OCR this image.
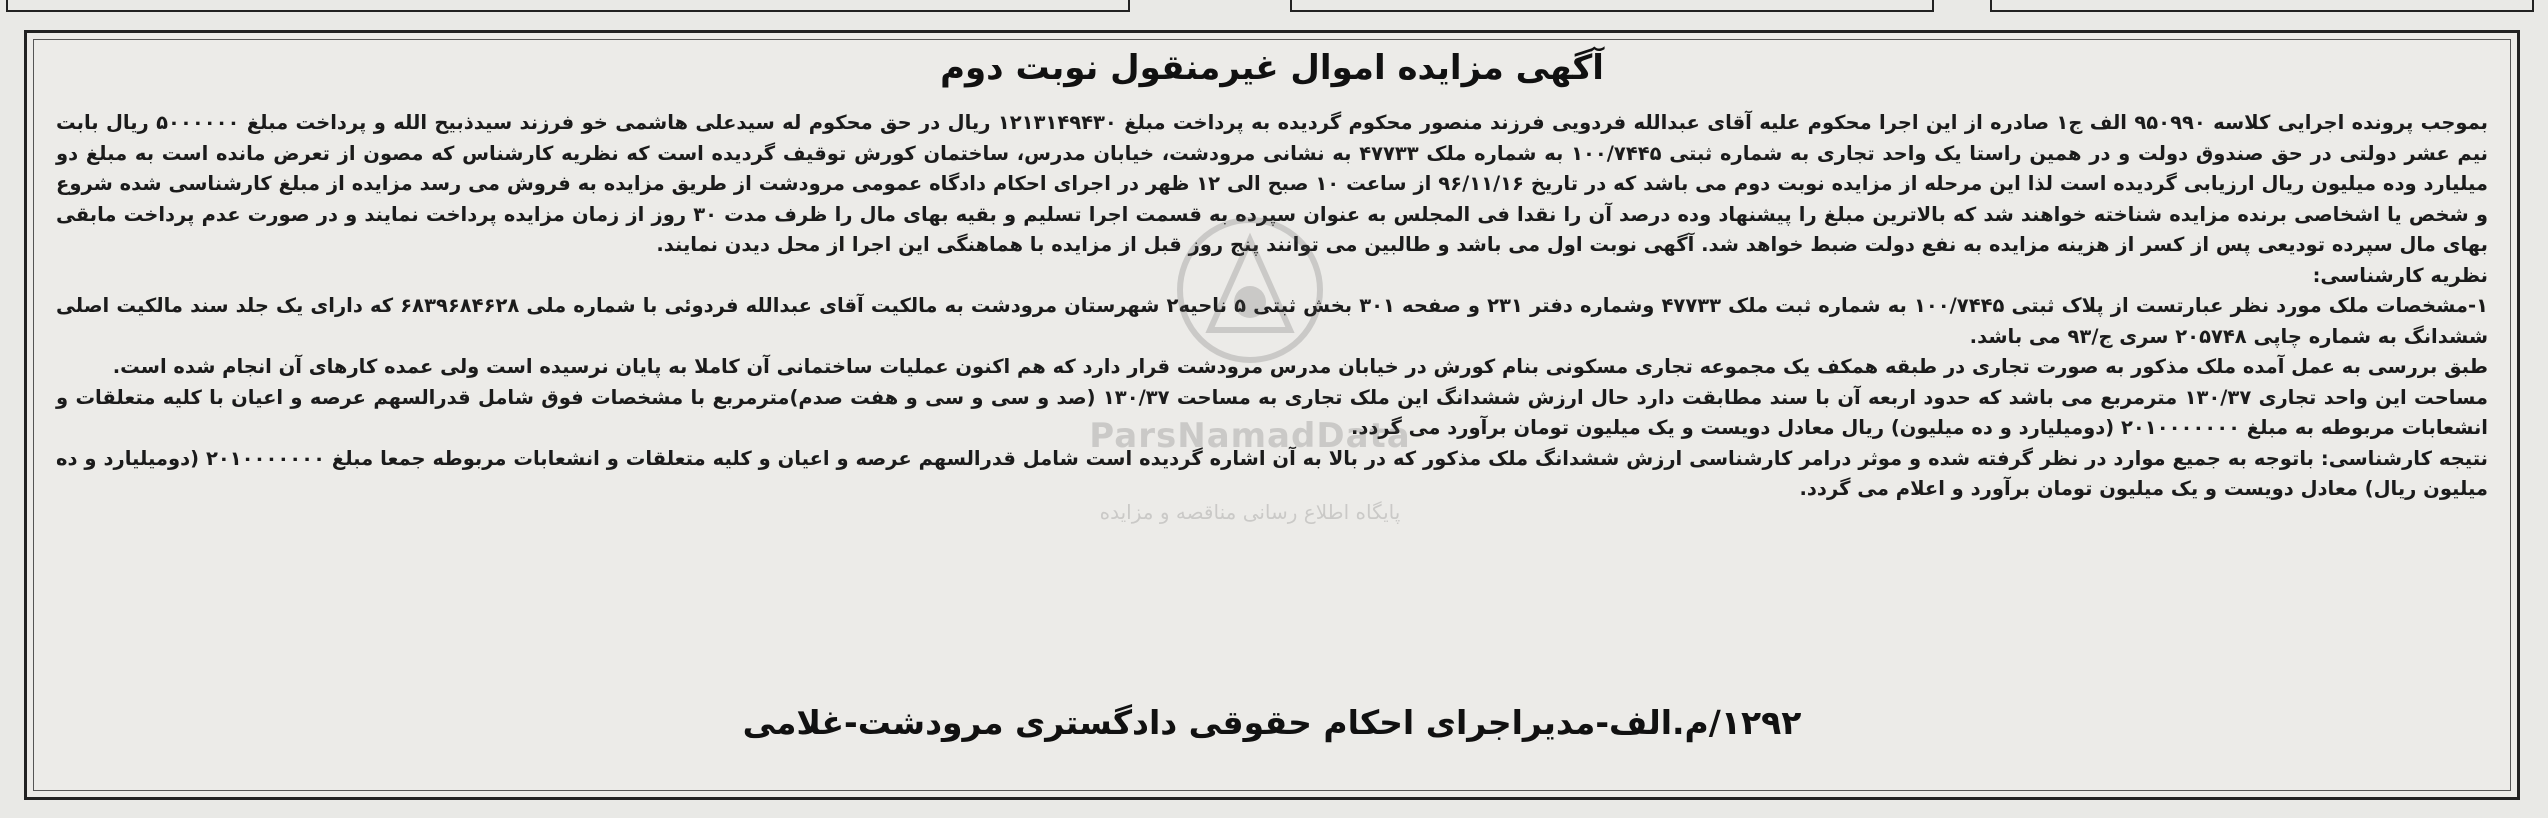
آگهی مزایده اموال غیرمنقول نوبت دوم

بموجب پرونده اجرایی کلاسه ۹۵۰۹۹۰ الف ج۱ صادره از این اجرا محکوم علیه آقای عبدالله فردویی فرزند منصور محکوم گردیده به پرداخت مبلغ ۱۲۱۳۱۴۹۴۳۰ ریال در حق محکوم له سیدعلی هاشمی خو فرزند سیدذبیح الله و پرداخت مبلغ ۵۰۰۰۰۰۰ ریال بابت نیم عشر دولتی در حق صندوق دولت و در همین راستا یک واحد تجاری به شماره ثبتی ۱۰۰/۷۴۴۵ به شماره ملک ۴۷۷۳۳ به نشانی مرودشت، خیابان مدرس، ساختمان کورش توقیف گردیده است که نظریه کارشناس که مصون از تعرض مانده است به مبلغ دو میلیارد وده میلیون ریال ارزیابی گردیده است لذا این مرحله از مزایده نوبت دوم می باشد که در تاریخ ۹۶/۱۱/۱۶ از ساعت ۱۰ صبح الی ۱۲ ظهر در اجرای احکام دادگاه عمومی مرودشت از طریق مزایده به فروش می رسد مزایده از مبلغ کارشناسی شده شروع و شخص یا اشخاصی برنده مزایده شناخته خواهند شد که بالاترین مبلغ را پیشنهاد وده درصد آن را نقدا فی المجلس به عنوان سپرده به قسمت اجرا تسلیم و بقیه بهای مال را ظرف مدت ۳۰ روز از زمان مزایده پرداخت نمایند و در صورت عدم پرداخت مابقی بهای مال سپرده تودیعی پس از کسر از هزینه مزایده به نفع دولت ضبط خواهد شد. آگهی نوبت اول می باشد و طالبین می توانند پنج روز قبل از مزایده با هماهنگی این اجرا از محل دیدن نمایند.

نظریه کارشناسی:

۱-مشخصات ملک مورد نظر عبارتست از پلاک ثبتی ۱۰۰/۷۴۴۵ به شماره ثبت ملک ۴۷۷۳۳ وشماره دفتر ۲۳۱ و صفحه ۳۰۱ بخش ثبتی ۵ ناحیه۲ شهرستان مرودشت به مالکیت آقای عبدالله فردوئی با شماره ملی ۶۸۳۹۶۸۴۶۲۸ که دارای یک جلد سند مالکیت اصلی ششدانگ به شماره چاپی ۲۰۵۷۴۸ سری ج/۹۳ می باشد.

طبق بررسی به عمل آمده ملک مذکور به صورت تجاری در طبقه همکف یک مجموعه تجاری مسکونی بنام کورش در خیابان مدرس مرودشت قرار دارد که هم اکنون عملیات ساختمانی آن کاملا به پایان نرسیده است ولی عمده کارهای آن انجام شده است.

مساحت این واحد تجاری ۱۳۰/۳۷ مترمربع می باشد که حدود اربعه آن با سند مطابقت دارد حال ارزش ششدانگ این ملک تجاری به مساحت ۱۳۰/۳۷ (صد و سی و سی و هفت صدم)مترمربع با مشخصات فوق شامل قدرالسهم عرصه و اعیان با کلیه متعلقات و انشعابات مربوطه به مبلغ ۲۰۱۰۰۰۰۰۰۰ (دومیلیارد و ده میلیون) ریال معادل دویست و یک میلیون تومان برآورد می گردد.

نتیجه کارشناسی: باتوجه به جمیع موارد در نظر گرفته شده و موثر درامر کارشناسی ارزش ششدانگ ملک مذکور که در بالا به آن اشاره گردیده است شامل قدرالسهم عرصه و اعیان و کلیه متعلقات و انشعابات مربوطه جمعا مبلغ ۲۰۱۰۰۰۰۰۰۰ (دومیلیارد و ده میلیون ریال) معادل دویست و یک میلیون تومان برآورد و اعلام می گردد.

۱۲۹۲/م.الف-مدیراجرای احکام حقوقی دادگستری مرودشت-غلامی
ParsNamadData
پایگاه اطلاع رسانی مناقصه و مزایده
